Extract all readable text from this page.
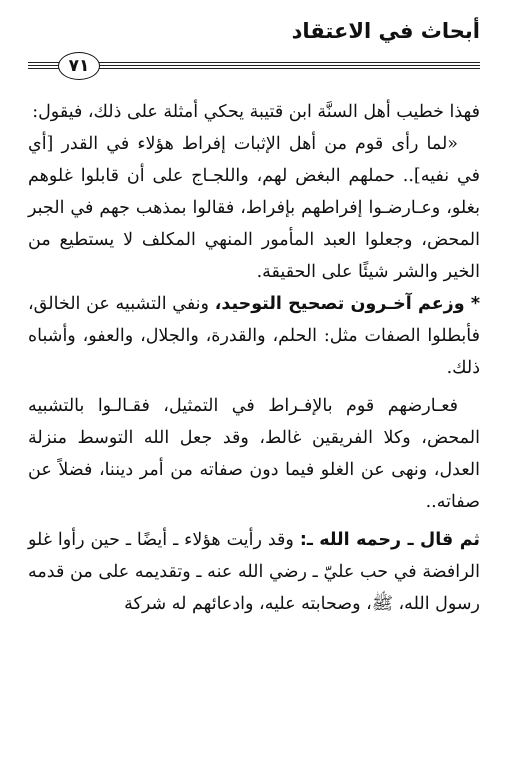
أبحاث في الاعتقاد
٧١

فهذا خطيب أهل السنَّة ابن قتيبة يحكي أمثلة على ذلك، فيقول:

«لما رأى قوم من أهل الإثبات إفراط هؤلاء في القدر [أي في نفيه].. حملهم البغض لهم، واللجـاج على أن قابلوا غلوهم بغلو، وعـارضـوا إفراطهم بإفراط، فقالوا بمذهب جهم في الجبر المحض، وجعلوا العبد المأمور المنهي المكلف لا يستطيع من الخير والشر شيئًا على الحقيقة.

* وزعم آخـرون تصحيح التوحيد، ونفي التشبيه عن الخالق، فأبطلوا الصفات مثل: الحلم، والقدرة، والجلال، والعفو، وأشباه ذلك.

فعـارضهم قوم بالإفـراط في التمثيل، فقـالـوا بالتشبيه المحض، وكلا الفريقين غالط، وقد جعل الله التوسط منزلة العدل، ونهى عن الغلو فيما دون صفاته من أمر ديننا، فضلاً عن صفاته..

ثم قال ـ رحمه الله ـ: وقد رأيت هؤلاء ـ أيضًا ـ حين رأوا غلو الرافضة في حب عليّ ـ رضي الله عنه ـ وتقديمه على من قدمه رسول الله، ﷺ، وصحابته عليه، وادعائهم له شركة
